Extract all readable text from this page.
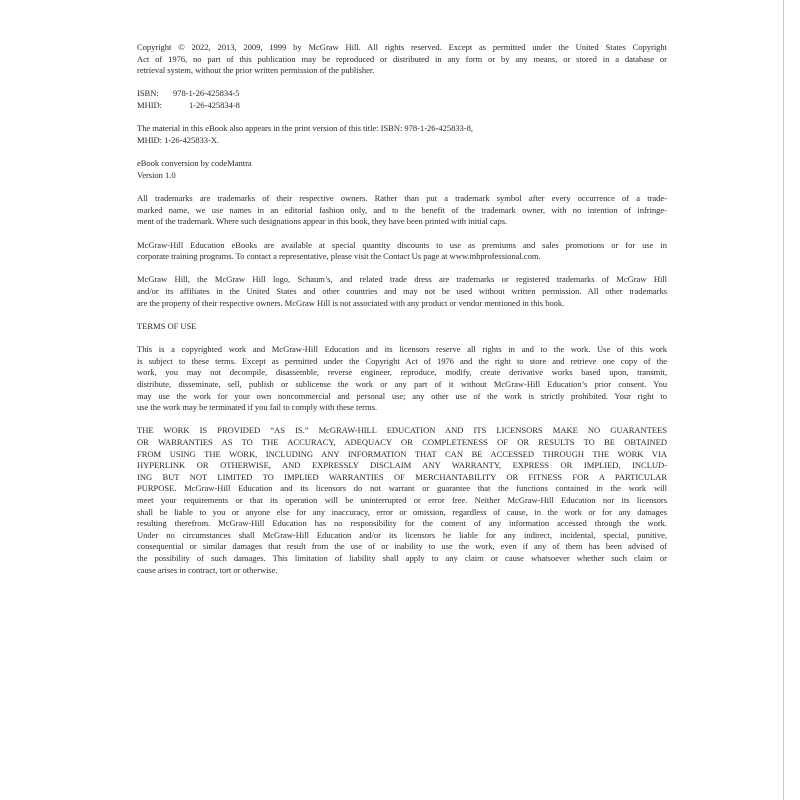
Copyright © 2022, 2013, 2009, 1999 by McGraw Hill. All rights reserved. Except as permitted under the United States Copyright
Act of 1976, no part of this publication may be reproduced or distributed in any form or by any means, or stored in a database or
retrieval system, without the prior written permission of the publisher.

ISBN:	978-1-26-425834-5
MHID:	1-26-425834-8

The material in this eBook also appears in the print version of this title: ISBN: 978-1-26-425833-8,
MHID: 1-26-425833-X.

eBook conversion by codeMantra
Version 1.0

All trademarks are trademarks of their respective owners. Rather than put a trademark symbol after every occurrence of a trade-
marked name, we use names in an editorial fashion only, and to the benefit of the trademark owner, with no intention of infringe-
ment of the trademark. Where such designations appear in this book, they have been printed with initial caps.

McGraw-Hill Education eBooks are available at special quantity discounts to use as premiums and sales promotions or for use in
corporate training programs. To contact a representative, please visit the Contact Us page at www.mhprofessional.com.

McGraw Hill, the McGraw Hill logo, Schaum’s, and related trade dress are trademarks or registered trademarks of McGraw Hill
and/or its affiliates in the United States and other countries and may not be used without written permission. All other trademarks
are the property of their respective owners. McGraw Hill is not associated with any product or vendor mentioned in this book.

TERMS OF USE

This is a copyrighted work and McGraw-Hill Education and its licensors reserve all rights in and to the work. Use of this work
is subject to these terms. Except as permitted under the Copyright Act of 1976 and the right to store and retrieve one copy of the
work, you may not decompile, disassemble, reverse engineer, reproduce, modify, create derivative works based upon, transmit,
distribute, disseminate, sell, publish or sublicense the work or any part of it without McGraw-Hill Education’s prior consent. You
may use the work for your own noncommercial and personal use; any other use of the work is strictly prohibited. Your right to
use the work may be terminated if you fail to comply with these terms.

THE WORK IS PROVIDED “AS IS.” McGRAW-HILL EDUCATION AND ITS LICENSORS MAKE NO GUARANTEES
OR WARRANTIES AS TO THE ACCURACY, ADEQUACY OR COMPLETENESS OF OR RESULTS TO BE OBTAINED
FROM USING THE WORK, INCLUDING ANY INFORMATION THAT CAN BE ACCESSED THROUGH THE WORK VIA
HYPERLINK OR OTHERWISE, AND EXPRESSLY DISCLAIM ANY WARRANTY, EXPRESS OR IMPLIED, INCLUD-
ING BUT NOT LIMITED TO IMPLIED WARRANTIES OF MERCHANTABILITY OR FITNESS FOR A PARTICULAR
PURPOSE. McGraw-Hill Education and its licensors do not warrant or guarantee that the functions contained in the work will
meet your requirements or that its operation will be uninterrupted or error free. Neither McGraw-Hill Education nor its licensors
shall be liable to you or anyone else for any inaccuracy, error or omission, regardless of cause, in the work or for any damages
resulting therefrom. McGraw-Hill Education has no responsibility for the content of any information accessed through the work.
Under no circumstances shall McGraw-Hill Education and/or its licensors be liable for any indirect, incidental, special, punitive,
consequential or similar damages that result from the use of or inability to use the work, even if any of them has been advised of
the possibility of such damages. This limitation of liability shall apply to any claim or cause whatsoever whether such claim or
cause arises in contract, tort or otherwise.
